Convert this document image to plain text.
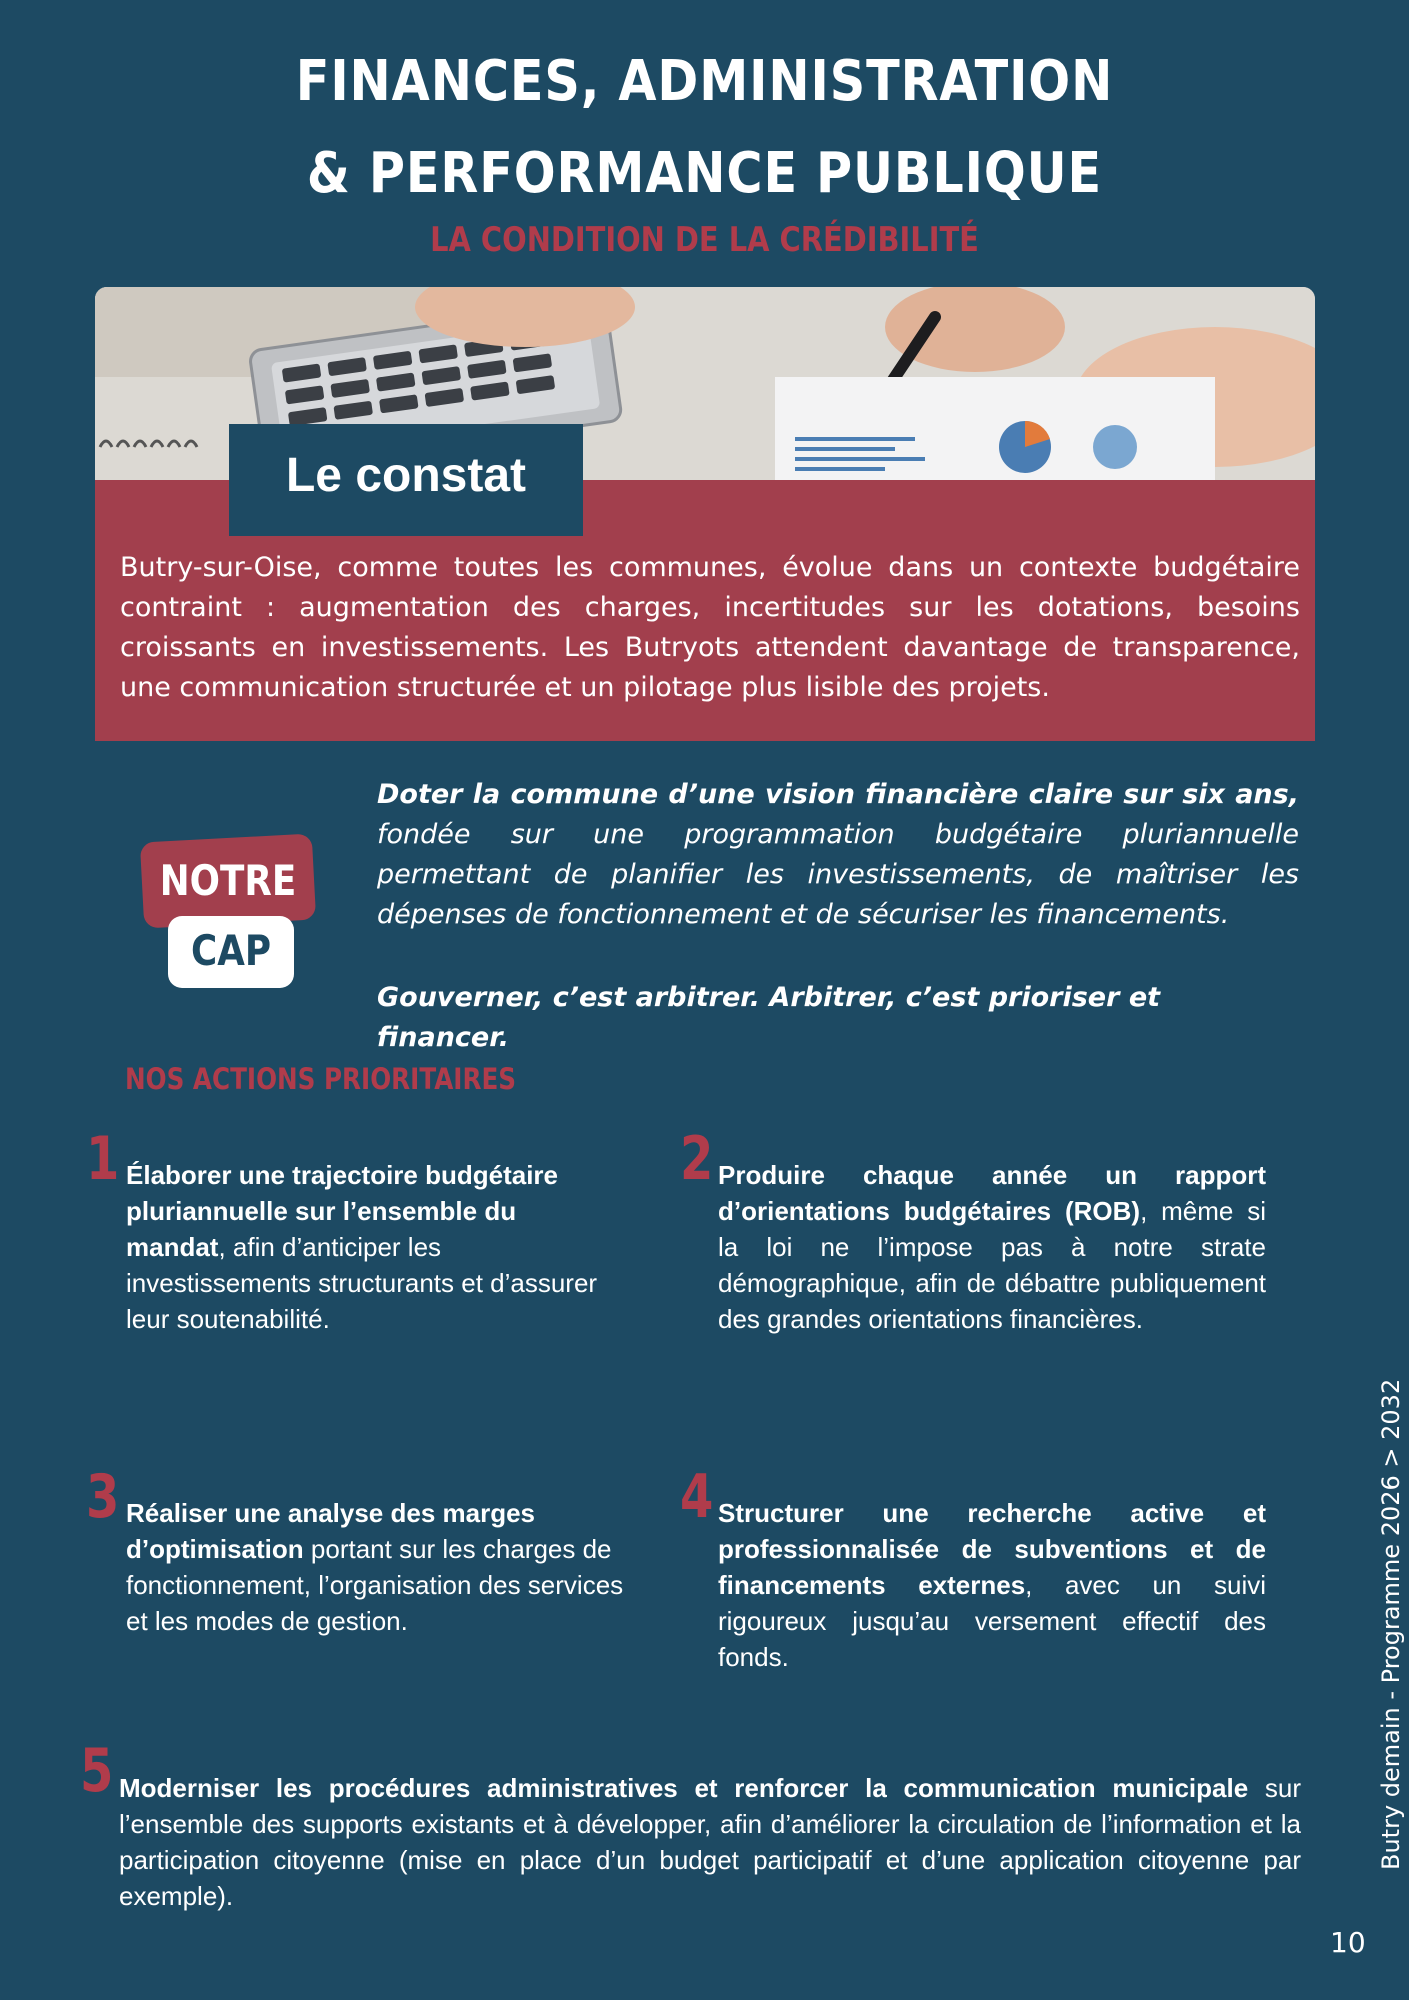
FINANCES, ADMINISTRATION
& PERFORMANCE PUBLIQUE
LA CONDITION DE LA CRÉDIBILITÉ
Le constat
Butry-sur-Oise, comme toutes les communes, évolue dans un contexte budgétaire contraint : augmentation des charges, incertitudes sur les dotations, besoins croissants en investissements. Les Butryots attendent davantage de transparence, une communication structurée et un pilotage plus lisible des projets.
NOTRE
CAP
Doter la commune d’une vision financière claire sur six ans, fondée sur une programmation budgétaire pluriannuelle permettant de planifier les investissements, de maîtriser les dépenses de fonctionnement et de sécuriser les financements.
Gouverner, c’est arbitrer. Arbitrer, c’est prioriser et financer.
NOS ACTIONS PRIORITAIRES
1 Élaborer une trajectoire budgétaire pluriannuelle sur l’ensemble du mandat, afin d’anticiper les investissements structurants et d’assurer leur soutenabilité.
2 Produire chaque année un rapport d’orientations budgétaires (ROB), même si la loi ne l’impose pas à notre strate démographique, afin de débattre publiquement des grandes orientations financières.
3 Réaliser une analyse des marges d’optimisation portant sur les charges de fonctionnement, l’organisation des services et les modes de gestion.
4 Structurer une recherche active et professionnalisée de subventions et de financements externes, avec un suivi rigoureux jusqu’au versement effectif des fonds.
5 Moderniser les procédures administratives et renforcer la communication municipale sur l’ensemble des supports existants et à développer, afin d’améliorer la circulation de l’information et la participation citoyenne (mise en place d’un budget participatif et d’une application citoyenne par exemple).
Butry demain - Programme 2026 > 2032
10
